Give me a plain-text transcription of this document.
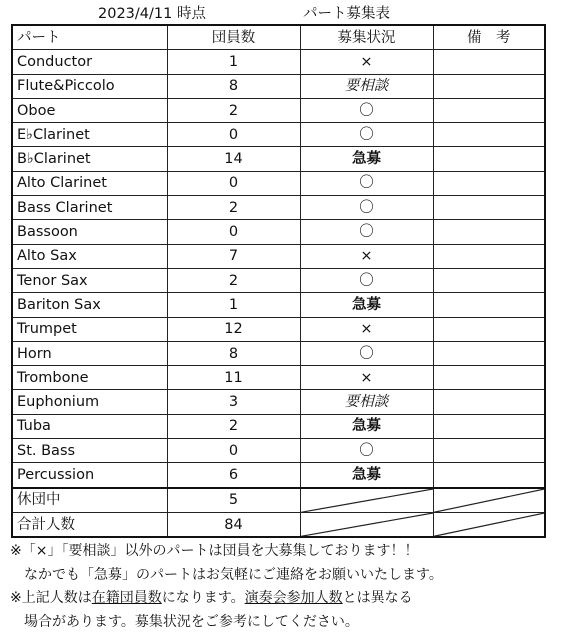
2023/4/11 時点	パート募集表
パート	団員数	募集状況	備　考
Conductor	1	×	
Flute&Piccolo	8	要相談	
Oboe	2	〇	
E♭Clarinet	0	〇	
B♭Clarinet	14	急募	
Alto Clarinet	0	〇	
Bass Clarinet	2	〇	
Bassoon	0	〇	
Alto Sax	7	×	
Tenor Sax	2	〇	
Bariton Sax	1	急募	
Trumpet	12	×	
Horn	8	〇	
Trombone	11	×	
Euphonium	3	要相談	
Tuba	2	急募	
St. Bass	0	〇	
Percussion	6	急募	
休団中	5	

合計人数	84	

※「×」「要相談」以外のパートは団員を大募集しております！！
　なかでも「急募」のパートはお気軽にご連絡をお願いいたします。
※上記人数は在籍団員数になります。演奏会参加人数とは異なる
　場合があります。募集状況をご参考にしてください。
